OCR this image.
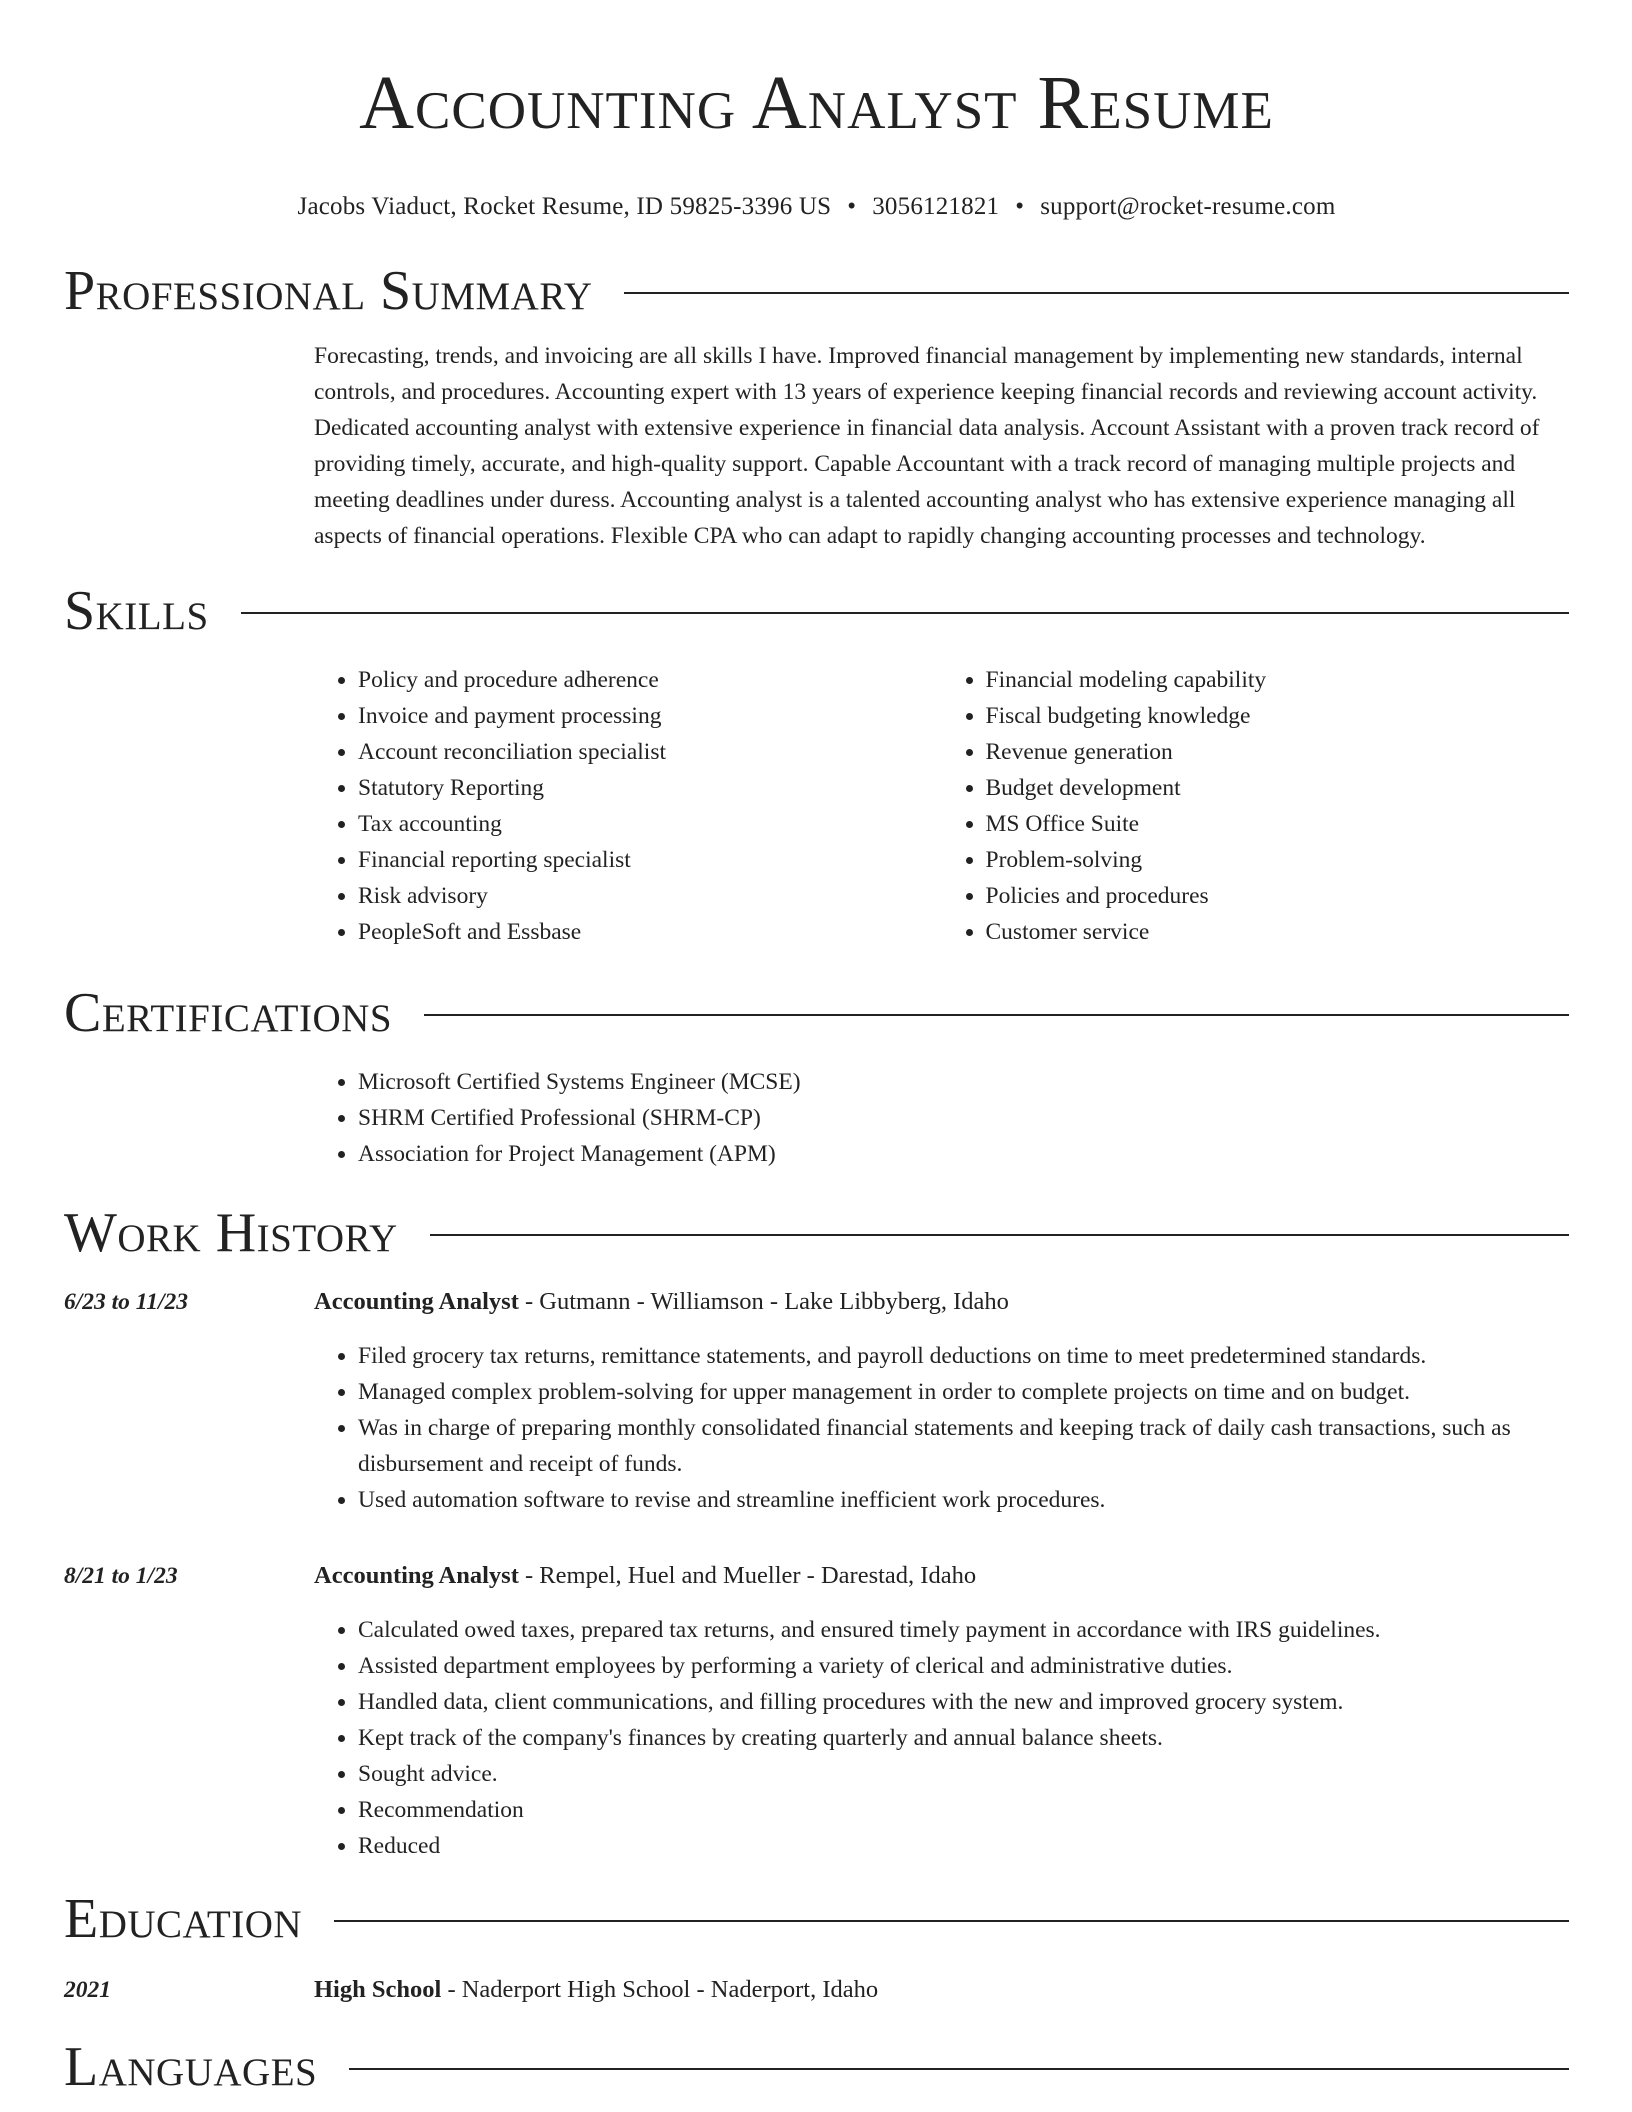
Accounting Analyst Resume
Jacobs Viaduct, Rocket Resume, ID 59825-3396 US • 3056121821 • support@rocket-resume.com
Professional Summary
Forecasting, trends, and invoicing are all skills I have. Improved financial management by implementing new standards, internal controls, and procedures. Accounting expert with 13 years of experience keeping financial records and reviewing account activity. Dedicated accounting analyst with extensive experience in financial data analysis. Account Assistant with a proven track record of providing timely, accurate, and high-quality support. Capable Accountant with a track record of managing multiple projects and meeting deadlines under duress. Accounting analyst is a talented accounting analyst who has extensive experience managing all aspects of financial operations. Flexible CPA who can adapt to rapidly changing accounting processes and technology.
Skills
• Policy and procedure adherence
• Invoice and payment processing
• Account reconciliation specialist
• Statutory Reporting
• Tax accounting
• Financial reporting specialist
• Risk advisory
• PeopleSoft and Essbase
• Financial modeling capability
• Fiscal budgeting knowledge
• Revenue generation
• Budget development
• MS Office Suite
• Problem-solving
• Policies and procedures
• Customer service
Certifications
• Microsoft Certified Systems Engineer (MCSE)
• SHRM Certified Professional (SHRM-CP)
• Association for Project Management (APM)
Work History
6/23 to 11/23	Accounting Analyst - Gutmann - Williamson - Lake Libbyberg, Idaho
• Filed grocery tax returns, remittance statements, and payroll deductions on time to meet predetermined standards.
• Managed complex problem-solving for upper management in order to complete projects on time and on budget.
• Was in charge of preparing monthly consolidated financial statements and keeping track of daily cash transactions, such as disbursement and receipt of funds.
• Used automation software to revise and streamline inefficient work procedures.
8/21 to 1/23	Accounting Analyst - Rempel, Huel and Mueller - Darestad, Idaho
• Calculated owed taxes, prepared tax returns, and ensured timely payment in accordance with IRS guidelines.
• Assisted department employees by performing a variety of clerical and administrative duties.
• Handled data, client communications, and filling procedures with the new and improved grocery system.
• Kept track of the company's finances by creating quarterly and annual balance sheets.
• Sought advice.
• Recommendation
• Reduced
Education
2021	High School - Naderport High School - Naderport, Idaho
Languages
